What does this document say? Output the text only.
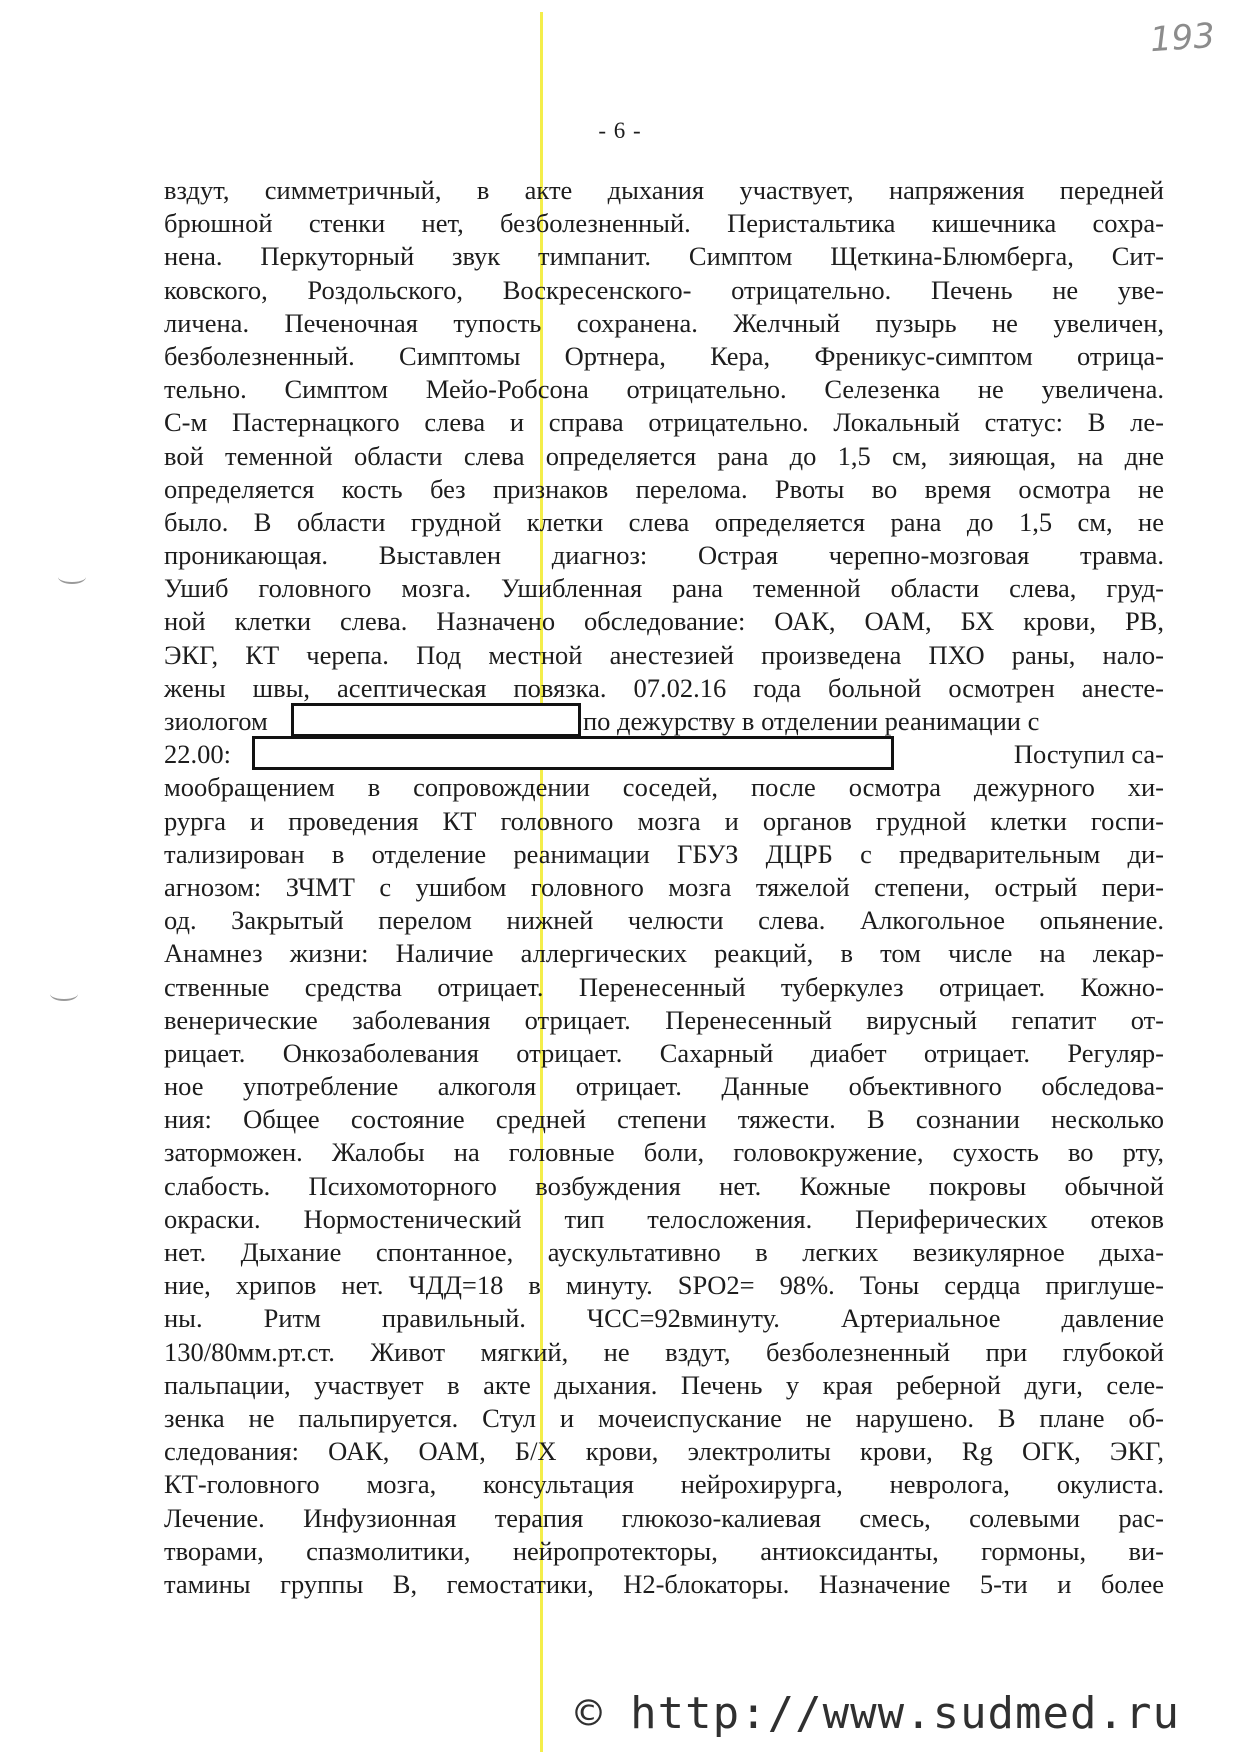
193
- 6 -
вздут, симметричный, в акте дыхания участвует, напряжения передней
брюшной стенки нет, безболезненный. Перистальтика кишечника сохра-
нена. Перкуторный звук тимпанит. Симптом Щеткина-Блюмберга, Сит-
ковского, Роздольского, Воскресенского- отрицательно. Печень не уве-
личена. Печеночная тупость сохранена. Желчный пузырь не увеличен,
безболезненный. Симптомы Ортнера, Кера, Френикус-симптом отрица-
тельно. Симптом Мейо-Робсона отрицательно. Селезенка не увеличена.
С-м Пастернацкого слева и справа отрицательно. Локальный статус: В ле-
вой теменной области слева определяется рана до 1,5 см, зияющая, на дне
определяется кость без признаков перелома. Рвоты во время осмотра не
было. В области грудной клетки слева определяется рана до 1,5 см, не
проникающая. Выставлен диагноз: Острая черепно-мозговая травма.
Ушиб головного мозга. Ушибленная рана теменной области слева, груд-
ной клетки слева. Назначено обследование: ОАК, ОАМ, БХ крови, РВ,
ЭКГ, КТ черепа. Под местной анестезией произведена ПХО раны, нало-
жены швы, асептическая повязка. 07.02.16 года больной осмотрен анесте-
зиологом	по дежурству в отделении реанимации с
22.00:	Поступил са-
мообращением в сопровождении соседей, после осмотра дежурного хи-
рурга и проведения КТ головного мозга и органов грудной клетки госпи-
тализирован в отделение реанимации ГБУЗ ДЦРБ с предварительным ди-
агнозом: ЗЧМТ с ушибом головного мозга тяжелой степени, острый пери-
од. Закрытый перелом нижней челюсти слева. Алкогольное опьянение.
Анамнез жизни: Наличие аллергических реакций, в том числе на лекар-
ственные средства отрицает. Перенесенный туберкулез отрицает. Кожно-
венерические заболевания отрицает. Перенесенный вирусный гепатит от-
рицает. Онкозаболевания отрицает. Сахарный диабет отрицает. Регуляр-
ное употребление алкоголя отрицает. Данные объективного обследова-
ния: Общее состояние средней степени тяжести. В сознании несколько
заторможен. Жалобы на головные боли, головокружение, сухость во рту,
слабость. Психомоторного возбуждения нет. Кожные покровы обычной
окраски. Нормостенический тип телосложения. Периферических отеков
нет. Дыхание спонтанное, аускультативно в легких везикулярное дыха-
ние, хрипов нет. ЧДД=18 в минуту. SPO2= 98%. Тоны сердца приглуше-
ны. Ритм правильный. ЧСС=92вминуту. Артериальное давление
130/80мм.рт.ст. Живот мягкий, не вздут, безболезненный при глубокой
пальпации, участвует в акте дыхания. Печень у края реберной дуги, селе-
зенка не пальпируется. Стул и мочеиспускание не нарушено. В плане об-
следования: ОАК, ОАМ, Б/Х крови, электролиты крови, Rg ОГК, ЭКГ,
КТ-головного мозга, консультация нейрохирурга, невролога, окулиста.
Лечение. Инфузионная терапия глюкозо-калиевая смесь, солевыми рас-
творами, спазмолитики, нейропротекторы, антиоксиданты, гормоны, ви-
тамины группы В, гемостатики, Н2-блокаторы. Назначение 5-ти и более
© http://www.sudmed.ru
